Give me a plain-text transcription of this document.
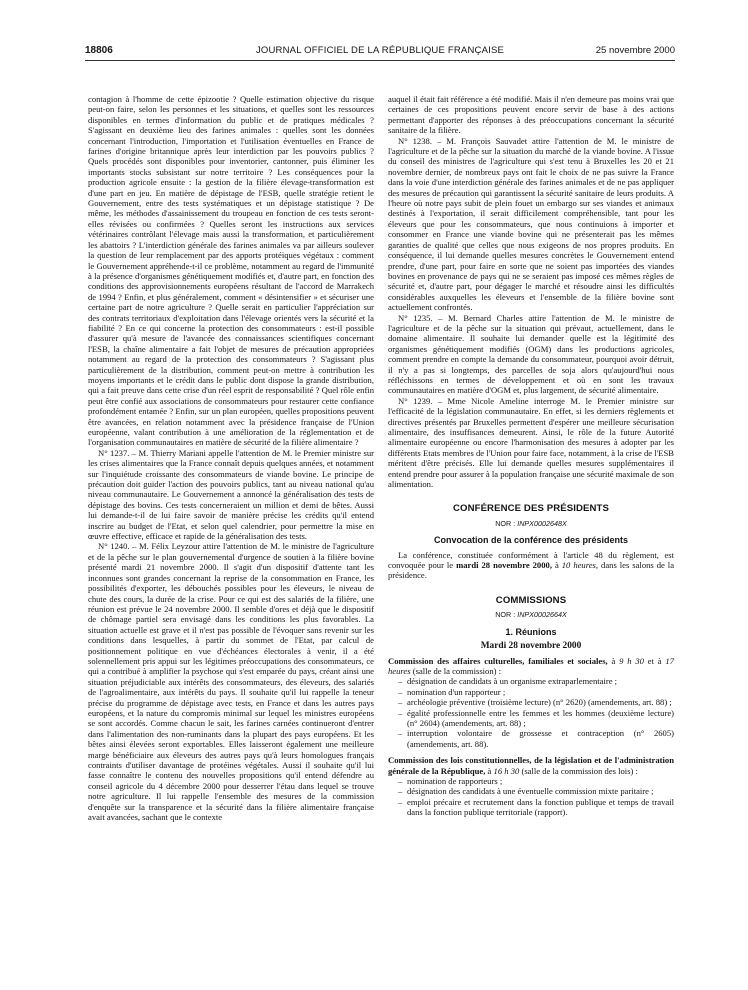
18806	JOURNAL OFFICIEL DE LA RÉPUBLIQUE FRANÇAISE	25 novembre 2000

contagion à l'homme de cette épizootie ? Quelle estimation objective du risque peut-on faire, selon les personnes et les situations, et quelles sont les ressources disponibles en termes d'information du public et de pratiques médicales ? S'agissant en deuxième lieu des farines animales : quelles sont les données concernant l'introduction, l'importation et l'utilisation éventuelles en France de farines d'origine britannique après leur interdiction par les pouvoirs publics ? Quels procédés sont disponibles pour inventorier, cantonner, puis éliminer les importants stocks subsistant sur notre territoire ? Les conséquences pour la production agricole ensuite : la gestion de la filière élevage-transformation est d'une part en jeu. En matière de dépistage de l'ESB, quelle stratégie retient le Gouvernement, entre des tests systématiques et un dépistage statistique ? De même, les méthodes d'assainissement du troupeau en fonction de ces tests seront-elles révisées ou confirmées ? Quelles seront les instructions aux services vétérinaires contrôlant l'élevage mais aussi la transformation, et particulièrement les abattoirs ? L'interdiction générale des farines animales va par ailleurs soulever la question de leur remplacement par des apports protéiques végétaux : comment le Gouvernement appréhende-t-il ce problème, notamment au regard de l'immunité à la présence d'organismes génétiquement modifiés et, d'autre part, en fonction des conditions des approvisionnements européens résultant de l'accord de Marrakech de 1994 ? Enfin, et plus généralement, comment « désintensifier » et sécuriser une certaine part de notre agriculture ? Quelle serait en particulier l'appréciation sur des contrats territoriaux d'exploitation dans l'élevage orientés vers la sécurité et la fiabilité ? En ce qui concerne la protection des consommateurs : est-il possible d'assurer qu'à mesure de l'avancée des connaissances scientifiques concernant l'ESB, la chaîne alimentaire a fait l'objet de mesures de précaution appropriées notamment au regard de la protection des consommateurs ? S'agissant plus particulièrement de la distribution, comment peut-on mettre à contribution les moyens importants et le crédit dans le public dont dispose la grande distribution, qui a fait preuve dans cette crise d'un réel esprit de responsabilité ? Quel rôle enfin peut être confié aux associations de consommateurs pour restaurer cette confiance profondément entamée ? Enfin, sur un plan européen, quelles propositions peuvent être avancées, en relation notamment avec la présidence française de l'Union européenne, valant contribution à une amélioration de la réglementation et de l'organisation communautaires en matière de sécurité de la filière alimentaire ?

N° 1237. – M. Thierry Mariani appelle l'attention de M. le Premier ministre sur les crises alimentaires que la France connaît depuis quelques années, et notamment sur l'inquiétude croissante des consommateurs de viande bovine. Le principe de précaution doit guider l'action des pouvoirs publics, tant au niveau national qu'au niveau communautaire. Le Gouvernement a annoncé la généralisation des tests de dépistage des bovins. Ces tests concerneraient un million et demi de bêtes. Aussi lui demande-t-il de lui faire savoir de manière précise les crédits qu'il entend inscrire au budget de l'Etat, et selon quel calendrier, pour permettre la mise en œuvre effective, efficace et rapide de la généralisation des tests.

N° 1240. – M. Félix Leyzour attire l'attention de M. le ministre de l'agriculture et de la pêche sur le plan gouvernemental d'urgence de soutien à la filière bovine présenté mardi 21 novembre 2000. Il s'agit d'un dispositif d'attente tant les inconnues sont grandes concernant la reprise de la consommation en France, les possibilités d'exporter, les débouchés possibles pour les éleveurs, le niveau de chute des cours, la durée de la crise. Pour ce qui est des salariés de la filière, une réunion est prévue le 24 novembre 2000. Il semble d'ores et déjà que le dispositif de chômage partiel sera envisagé dans les conditions les plus favorables. La situation actuelle est grave et il n'est pas possible de l'évoquer sans revenir sur les conditions dans lesquelles, à partir du sommet de l'Etat, par calcul de positionnement politique en vue d'échéances électorales à venir, il a été solennellement pris appui sur les légitimes préoccupations des consommateurs, ce qui a contribué à amplifier la psychose qui s'est emparée du pays, créant ainsi une situation préjudiciable aux intérêts des consommateurs, des éleveurs, des salariés de l'agroalimentaire, aux intérêts du pays. Il souhaite qu'il lui rappelle la teneur précise du programme de dépistage avec tests, en France et dans les autres pays européens, et la nature du compromis minimal sur lequel les ministres européens se sont accordés. Comme chacun le sait, les farines carnées continueront d'entrer dans l'alimentation des non-ruminants dans la plupart des pays européens. Et les bêtes ainsi élevées seront exportables. Elles laisseront également une meilleure marge bénéficiaire aux éleveurs des autres pays qu'à leurs homologues français contraints d'utiliser davantage de protéines végétales. Aussi il souhaite qu'il lui fasse connaître le contenu des nouvelles propositions qu'il entend défendre au conseil agricole du 4 décembre 2000 pour desserrer l'étau dans lequel se trouve notre agriculture. Il lui rappelle l'ensemble des mesures de la commission d'enquête sur la transparence et la sécurité dans la filière alimentaire française avait avancées, sachant que le contexte

auquel il était fait référence a été modifié. Mais il n'en demeure pas moins vrai que certaines de ces propositions peuvent encore servir de base à des actions permettant d'apporter des réponses à des préoccupations concernant la sécurité sanitaire de la filière.

N° 1238. – M. François Sauvadet attire l'attention de M. le ministre de l'agriculture et de la pêche sur la situation du marché de la viande bovine. A l'issue du conseil des ministres de l'agriculture qui s'est tenu à Bruxelles les 20 et 21 novembre dernier, de nombreux pays ont fait le choix de ne pas suivre la France dans la voie d'une interdiction générale des farines animales et de ne pas appliquer des mesures de précaution qui garantissent la sécurité sanitaire de leurs produits. A l'heure où notre pays subit de plein fouet un embargo sur ses viandes et animaux destinés à l'exportation, il serait difficilement compréhensible, tant pour les éleveurs que pour les consommateurs, que nous continuions à importer et consommer en France une viande bovine qui ne présenterait pas les mêmes garanties de qualité que celles que nous exigeons de nos propres produits. En conséquence, il lui demande quelles mesures concrètes le Gouvernement entend prendre, d'une part, pour faire en sorte que ne soient pas importées des viandes bovines en provenance de pays qui ne se seraient pas imposé ces mêmes règles de sécurité et, d'autre part, pour dégager le marché et résoudre ainsi les difficultés considérables auxquelles les éleveurs et l'ensemble de la filière bovine sont actuellement confrontés.

N° 1235. – M. Bernard Charles attire l'attention de M. le ministre de l'agriculture et de la pêche sur la situation qui prévaut, actuellement, dans le domaine alimentaire. Il souhaite lui demander quelle est la légitimité des organismes génétiquement modifiés (OGM) dans les productions agricoles, comment prendre en compte la demande du consommateur, pourquoi avoir détruit, il n'y a pas si longtemps, des parcelles de soja alors qu'aujourd'hui nous réfléchissons en termes de développement et où en sont les travaux communautaires en matière d'OGM et, plus largement, de sécurité alimentaire.

N° 1239. – Mme Nicole Ameline interroge M. le Premier ministre sur l'efficacité de la législation communautaire. En effet, si les derniers règlements et directives présentés par Bruxelles permettent d'espérer une meilleure sécurisation alimentaire, des insuffisances demeurent. Ainsi, le rôle de la future Autorité alimentaire européenne ou encore l'harmonisation des mesures à adopter par les différents Etats membres de l'Union pour faire face, notamment, à la crise de l'ESB méritent d'être précisés. Elle lui demande quelles mesures supplémentaires il entend prendre pour assurer à la population française une sécurité maximale de son alimentation.

CONFÉRENCE DES PRÉSIDENTS
NOR : INPX0002648X
Convocation de la conférence des présidents

La conférence, constituée conformément à l'article 48 du règlement, est convoquée pour le mardi 28 novembre 2000, à 10 heures, dans les salons de la présidence.

COMMISSIONS
NOR : INPX0002664X
1. Réunions
Mardi 28 novembre 2000

Commission des affaires culturelles, familiales et sociales, à 9 h 30 et à 17 heures (salle de la commission) :

– désignation de candidats à un organisme extraparlementaire ;
– nomination d'un rapporteur ;
– archéologie préventive (troisième lecture) (n° 2620) (amendements, art. 88) ;
– égalité professionnelle entre les femmes et les hommes (deuxième lecture) (n° 2604) (amendements, art. 88) ;
– interruption volontaire de grossesse et contraception (n° 2605) (amendements, art. 88).

Commission des lois constitutionnelles, de la législation et de l'administration générale de la République, à 16 h 30 (salle de la commission des lois) :

– nomination de rapporteurs ;
– désignation des candidats à une éventuelle commission mixte paritaire ;
– emploi précaire et recrutement dans la fonction publique et temps de travail dans la fonction publique territoriale (rapport).
